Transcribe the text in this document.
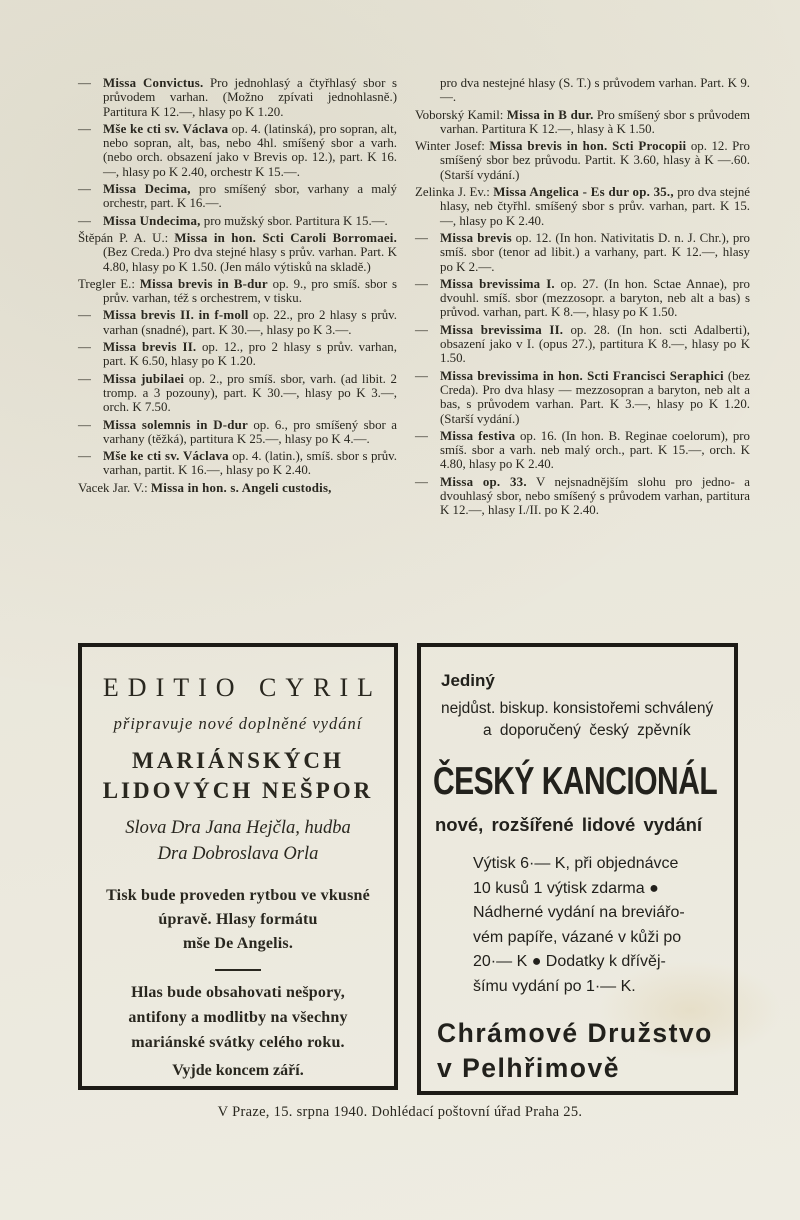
— Missa Convictus. Pro jednohlasý a čtyřhlasý sbor s průvodem varhan. (Možno zpívati jednohlasně.) Partitura K 12.—, hlasy po K 1.20.
— Mše ke cti sv. Václava op. 4. (latinská), pro sopran, alt, nebo sopran, alt, bas, nebo 4hl. smíšený sbor a varh. (nebo orch. obsazení jako v Brevis op. 12.), part. K 16.—, hlasy po K 2.40, orchestr K 15.—.
— Missa Decima, pro smíšený sbor, varhany a malý orchestr, part. K 16.—.
— Missa Undecima, pro mužský sbor. Partitura K 15.—.
Štěpán P. A. U.: Missa in hon. Scti Caroli Borromaei. (Bez Creda.) Pro dva stejné hlasy s prův. varhan. Part. K 4.80, hlasy po K 1.50. (Jen málo výtisků na skladě.)
Tregler E.: Missa brevis in B-dur op. 9., pro smíš. sbor s prův. varhan, též s orchestrem, v tisku.
— Missa brevis II. in f-moll op. 22., pro 2 hlasy s prův. varhan (snadné), part. K 30.—, hlasy po K 3.—.
— Missa brevis II. op. 12., pro 2 hlasy s prův. varhan, part. K 6.50, hlasy po K 1.20.
— Missa jubilaei op. 2., pro smíš. sbor, varh. (ad libit. 2 tromp. a 3 pozouny), part. K 30.—, hlasy po K 3.—, orch. K 7.50.
— Missa solemnis in D-dur op. 6., pro smíšený sbor a varhany (těžká), partitura K 25.—, hlasy po K 4.—.
— Mše ke cti sv. Václava op. 4. (latin.), smíš. sbor s prův. varhan, partit. K 16.—, hlasy po K 2.40.
Vacek Jar. V.: Missa in hon. s. Angeli custodis,
pro dva nestejné hlasy (S. T.) s průvodem varhan. Part. K 9.—.
Voborský Kamil: Missa in B dur. Pro smíšený sbor s průvodem varhan. Partitura K 12.—, hlasy à K 1.50.
Winter Josef: Missa brevis in hon. Scti Procopii op. 12. Pro smíšený sbor bez průvodu. Partit. K 3.60, hlasy à K —.60. (Starší vydání.)
Zelinka J. Ev.: Missa Angelica - Es dur op. 35., pro dva stejné hlasy, neb čtyřhl. smíšený sbor s prův. varhan, part. K 15.—, hlasy po K 2.40.
— Missa brevis op. 12. (In hon. Nativitatis D. n. J. Chr.), pro smíš. sbor (tenor ad libit.) a varhany, part. K 12.—, hlasy po K 2.—.
— Missa brevissima I. op. 27. (In hon. Sctae Annae), pro dvouhl. smíš. sbor (mezzosopr. a baryton, neb alt a bas) s průvod. varhan, part. K 8.—, hlasy po K 1.50.
— Missa brevissima II. op. 28. (In hon. scti Adalberti), obsazení jako v I. (opus 27.), partitura K 8.—, hlasy po K 1.50.
— Missa brevissima in hon. Scti Francisci Seraphici (bez Creda). Pro dva hlasy — mezzosopran a baryton, neb alt a bas, s průvodem varhan. Part. K 3.—, hlasy po K 1.20. (Starší vydání.)
— Missa festiva op. 16. (In hon. B. Reginae coelorum), pro smíš. sbor a varh. neb malý orch., part. K 15.—, orch. K 4.80, hlasy po K 2.40.
— Missa op. 33. V nejsnadnějším slohu pro jedno- a dvouhlasý sbor, nebo smíšený s průvodem varhan, partitura K 12.—, hlasy I./II. po K 2.40.
EDITIO CYRIL
připravuje nové doplněné vydání
MARIÁNSKÝCH
LIDOVÝCH NEŠPOR
Slova Dra Jana Hejčla, hudba
Dra Dobroslava Orla
Tisk bude proveden rytbou ve vkusné
úpravě. Hlasy formátu
mše De Angelis.
Hlas bude obsahovati nešpory,
antifony a modlitby na všechny
mariánské svátky celého roku.
Vyjde koncem září.
Jediný
nejdůst. biskup. konsistořemi schválený
a doporučený český zpěvník
ČESKÝ KANCIONÁL
nové, rozšířené lidové vydání
Výtisk 6·— K, při objednávce
10 kusů 1 výtisk zdarma ●
Nádherné vydání na breviářo-
vém papíře, vázané v kůži po
20·— K ● Dodatky k dřívěj-
šímu vydání po 1·— K.
Chrámové Družstvo
v Pelhřimově
V Praze, 15. srpna 1940. Dohlédací poštovní úřad Praha 25.
